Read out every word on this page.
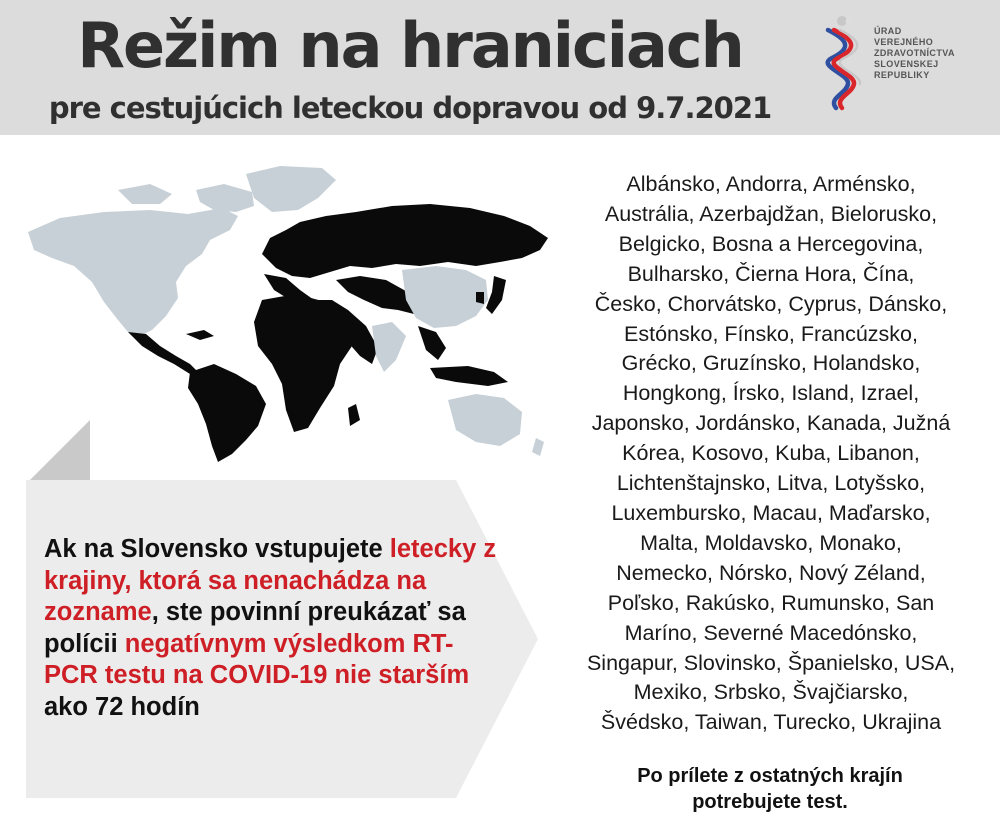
Režim na hraniciach
pre cestujúcich leteckou dopravou od 9.7.2021
ÚRAD
VEREJNÉHO
ZDRAVOTNÍCTVA
SLOVENSKEJ
REPUBLIKY
Ak na Slovensko vstupujete letecky z krajiny, ktorá sa nenachádza na zozname, ste povinní preukázať sa polícii negatívnym výsledkom RT-PCR testu na COVID-19 nie starším ako 72 hodín
Albánsko, Andorra, Arménsko,
Austrália, Azerbajdžan, Bielorusko,
Belgicko, Bosna a Hercegovina,
Bulharsko, Čierna Hora, Čína,
Česko, Chorvátsko, Cyprus, Dánsko,
Estónsko, Fínsko, Francúzsko,
Grécko, Gruzínsko, Holandsko,
Hongkong, Írsko, Island, Izrael,
Japonsko, Jordánsko, Kanada, Južná
Kórea, Kosovo, Kuba, Libanon,
Lichtenštajnsko, Litva, Lotyšsko,
Luxembursko, Macau, Maďarsko,
Malta, Moldavsko, Monako,
Nemecko, Nórsko, Nový Zéland,
Poľsko, Rakúsko, Rumunsko, San
Maríno, Severné Macedónsko,
Singapur, Slovinsko, Španielsko, USA,
Mexiko, Srbsko, Švajčiarsko,
Švédsko, Taiwan, Turecko, Ukrajina
Po prílete z ostatných krajín
potrebujete test.
